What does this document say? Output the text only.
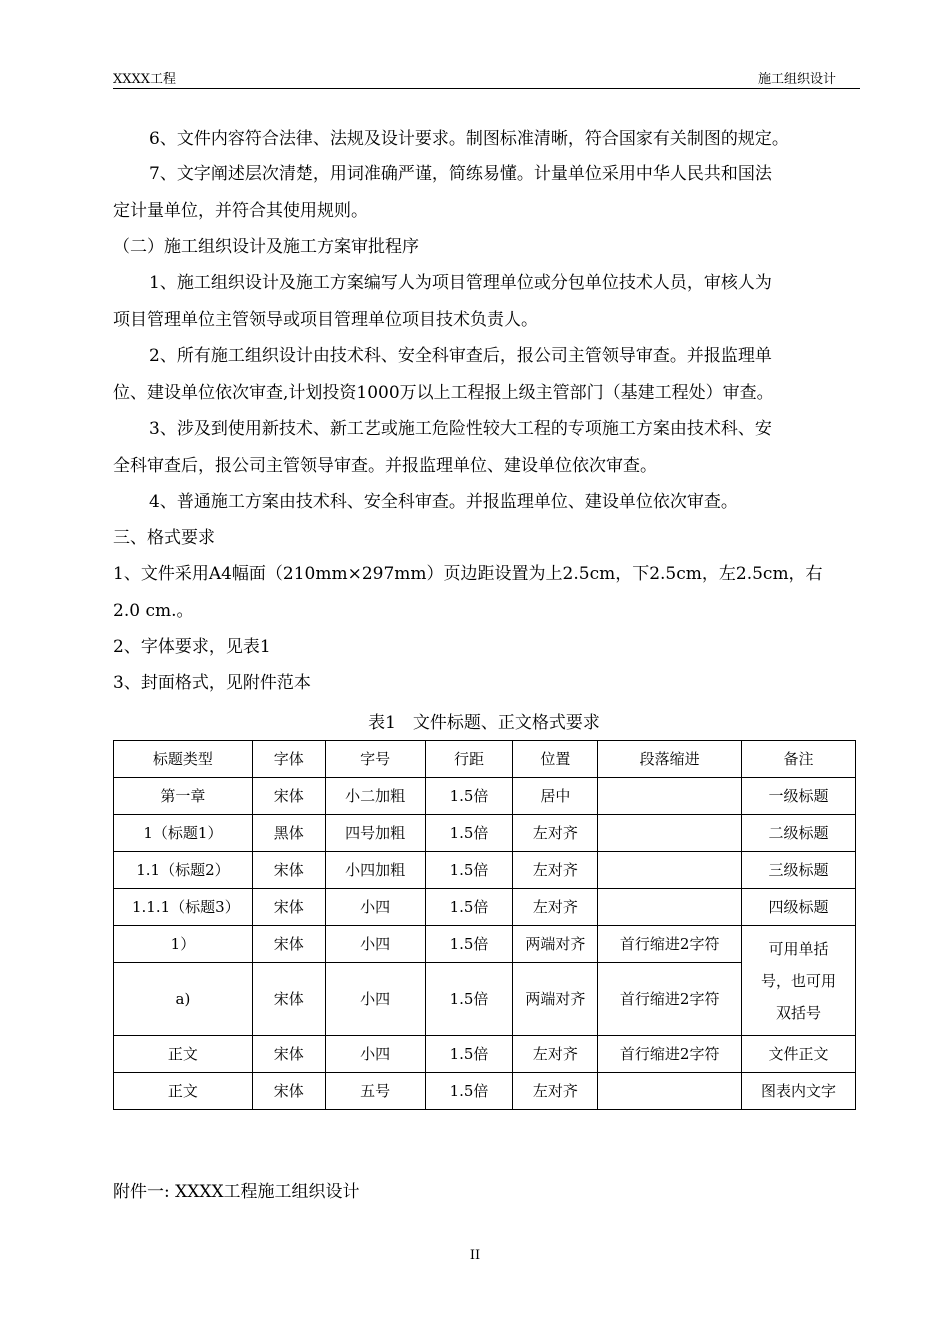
XXXX工程	施工组织设计
6、文件内容符合法律、法规及设计要求。制图标准清晰，符合国家有关制图的规定。
7、文字阐述层次清楚，用词准确严谨，简练易懂。计量单位采用中华人民共和国法
定计量单位，并符合其使用规则。
（二）施工组织设计及施工方案审批程序
1、施工组织设计及施工方案编写人为项目管理单位或分包单位技术人员，审核人为
项目管理单位主管领导或项目管理单位项目技术负责人。
2、所有施工组织设计由技术科、安全科审查后，报公司主管领导审查。并报监理单
位、建设单位依次审查,计划投资1000万以上工程报上级主管部门（基建工程处）审查。
3、涉及到使用新技术、新工艺或施工危险性较大工程的专项施工方案由技术科、安
全科审查后，报公司主管领导审查。并报监理单位、建设单位依次审查。
4、普通施工方案由技术科、安全科审查。并报监理单位、建设单位依次审查。
三、格式要求
1、文件采用A4幅面（210mm×297mm）页边距设置为上2.5cm，下2.5cm，左2.5cm，右
2.0 cm.。
2、字体要求，见表1
3、封面格式，见附件范本
表1　文件标题、正文格式要求
标题类型	字体	字号	行距	位置	段落缩进	备注
第一章	宋体	小二加粗	1.5倍	居中		一级标题
1（标题1）	黑体	四号加粗	1.5倍	左对齐		二级标题
1.1（标题2）	宋体	小四加粗	1.5倍	左对齐		三级标题
1.1.1（标题3）	宋体	小四	1.5倍	左对齐		四级标题
1）	宋体	小四	1.5倍	两端对齐	首行缩进2字符	可用单括号，也可用双括号
a)	宋体	小四	1.5倍	两端对齐	首行缩进2字符	
正文	宋体	小四	1.5倍	左对齐	首行缩进2字符	文件正文
正文	宋体	五号	1.5倍	左对齐		图表内文字
附件一: XXXX工程施工组织设计
II
